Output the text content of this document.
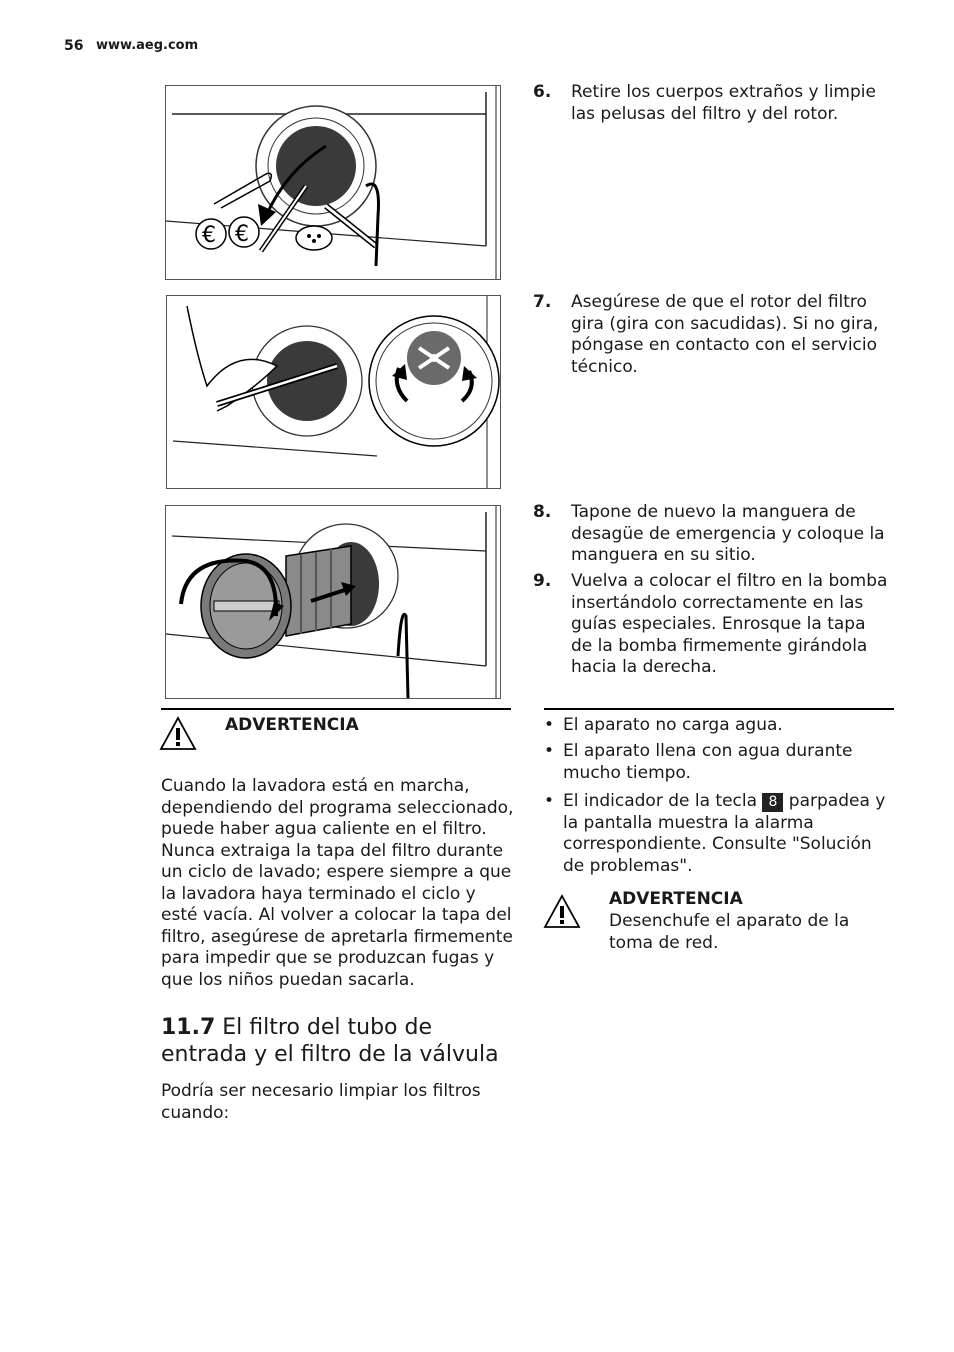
56 www.aeg.com
€ €
6. Retire los cuerpos extraños y limpie las pelusas del filtro y del rotor.
7. Asegúrese de que el rotor del filtro gira (gira con sacudidas). Si no gira, póngase en contacto con el servicio técnico.
8. Tapone de nuevo la manguera de desagüe de emergencia y coloque la manguera en su sitio.
9. Vuelva a colocar el filtro en la bomba insertándolo correctamente en las guías especiales. Enrosque la tapa de la bomba firmemente girándola hacia la derecha.
ADVERTENCIA
Cuando la lavadora está en marcha, dependiendo del programa seleccionado, puede haber agua caliente en el filtro. Nunca extraiga la tapa del filtro durante un ciclo de lavado; espere siempre a que la lavadora haya terminado el ciclo y esté vacía. Al volver a colocar la tapa del filtro, asegúrese de apretarla firmemente para impedir que se produzcan fugas y que los niños puedan sacarla.
11.7 El filtro del tubo de entrada y el filtro de la válvula
Podría ser necesario limpiar los filtros cuando:
• El aparato no carga agua.
• El aparato llena con agua durante mucho tiempo.
• El indicador de la tecla 8 parpadea y la pantalla muestra la alarma correspondiente. Consulte "Solución de problemas".
ADVERTENCIA
Desenchufe el aparato de la toma de red.
